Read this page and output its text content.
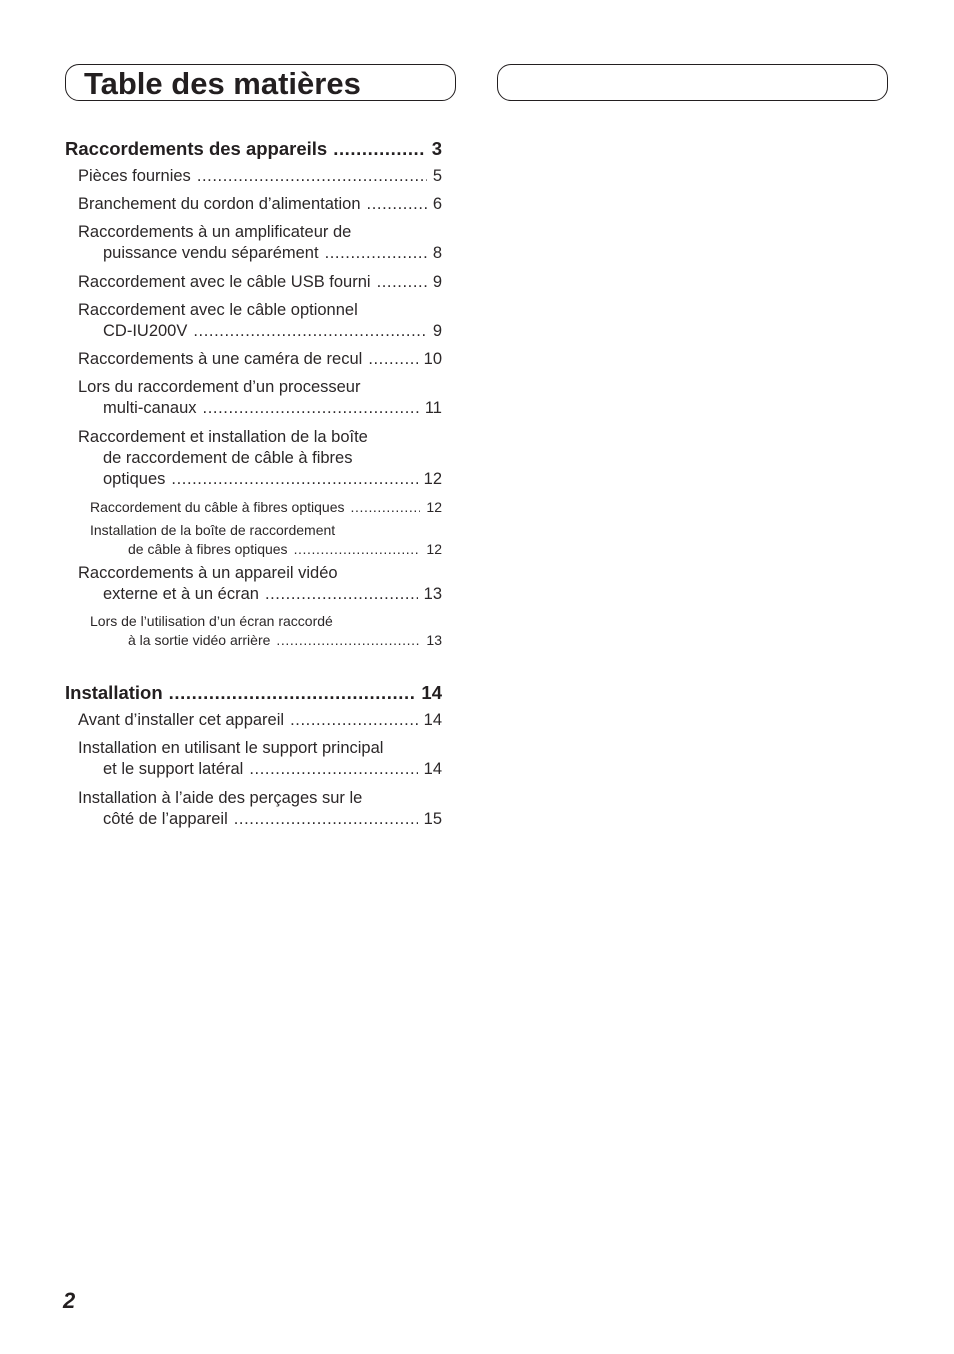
Table des matières
Raccordements des appareils .....	3
Pièces fournies .....	5
Branchement du cordon d’alimentation .....	6
Raccordements à un amplificateur de
puissance vendu séparément .....	8
Raccordement avec le câble USB fourni .....	9
Raccordement avec le câble optionnel
CD-IU200V .....	9
Raccordements à une caméra de recul .....	10
Lors du raccordement d’un processeur
multi-canaux .....	11
Raccordement et installation de la boîte
de raccordement de câble à fibres
optiques .....	12
Raccordement du câble à fibres optiques .....	12
Installation de la boîte de raccordement
de câble à fibres optiques .....	12
Raccordements à un appareil vidéo
externe et à un écran .....	13
Lors de l’utilisation d’un écran raccordé
à la sortie vidéo arrière .....	13
Installation .....	14
Avant d’installer cet appareil .....	14
Installation en utilisant le support principal
et le support latéral .....	14
Installation à l’aide des perçages sur le
côté de l’appareil .....	15
2
